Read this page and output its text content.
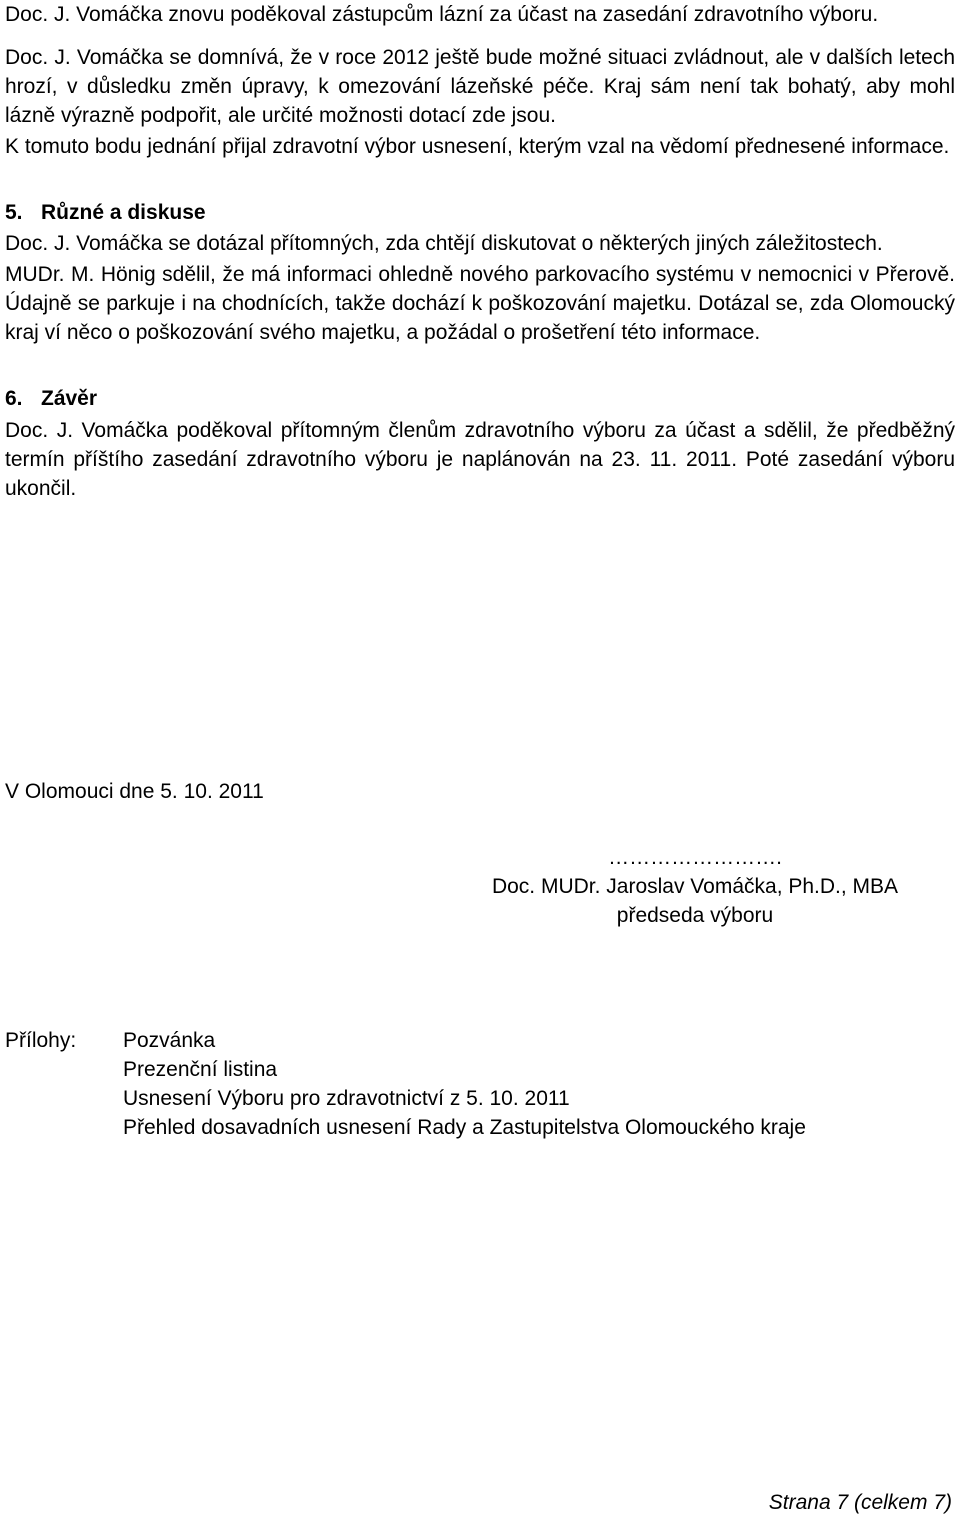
Doc. J. Vomáčka znovu poděkoval zástupcům lázní za účast na zasedání zdravotního výboru.

Doc. J. Vomáčka se domnívá, že v roce 2012 ještě bude možné situaci zvládnout, ale v dalších letech hrozí, v důsledku změn úpravy, k omezování lázeňské péče. Kraj sám není tak bohatý, aby mohl lázně výrazně podpořit, ale určité možnosti dotací zde jsou.

K tomuto bodu jednání přijal zdravotní výbor usnesení, kterým vzal na vědomí přednesené informace.

5. Různé a diskuse

Doc. J. Vomáčka se dotázal přítomných, zda chtějí diskutovat o některých jiných záležitostech.

MUDr. M. Hönig sdělil, že má informaci ohledně nového parkovacího systému v nemocnici v Přerově. Údajně se parkuje i na chodnících, takže dochází k poškozování majetku. Dotázal se, zda Olomoucký kraj ví něco o poškozování svého majetku, a požádal o prošetření této informace.

6. Závěr

Doc. J. Vomáčka poděkoval přítomným členům zdravotního výboru za účast a sdělil, že předběžný termín příštího zasedání zdravotního výboru je naplánován na 23. 11. 2011. Poté zasedání výboru ukončil.

V Olomouci dne 5. 10. 2011
…………………….
Doc. MUDr. Jaroslav Vomáčka, Ph.D., MBA
předseda výboru
Přílohy: Pozvánka
Prezenční listina
Usnesení Výboru pro zdravotnictví z 5. 10. 2011
Přehled dosavadních usnesení Rady a Zastupitelstva Olomouckého kraje
Strana 7 (celkem 7)
